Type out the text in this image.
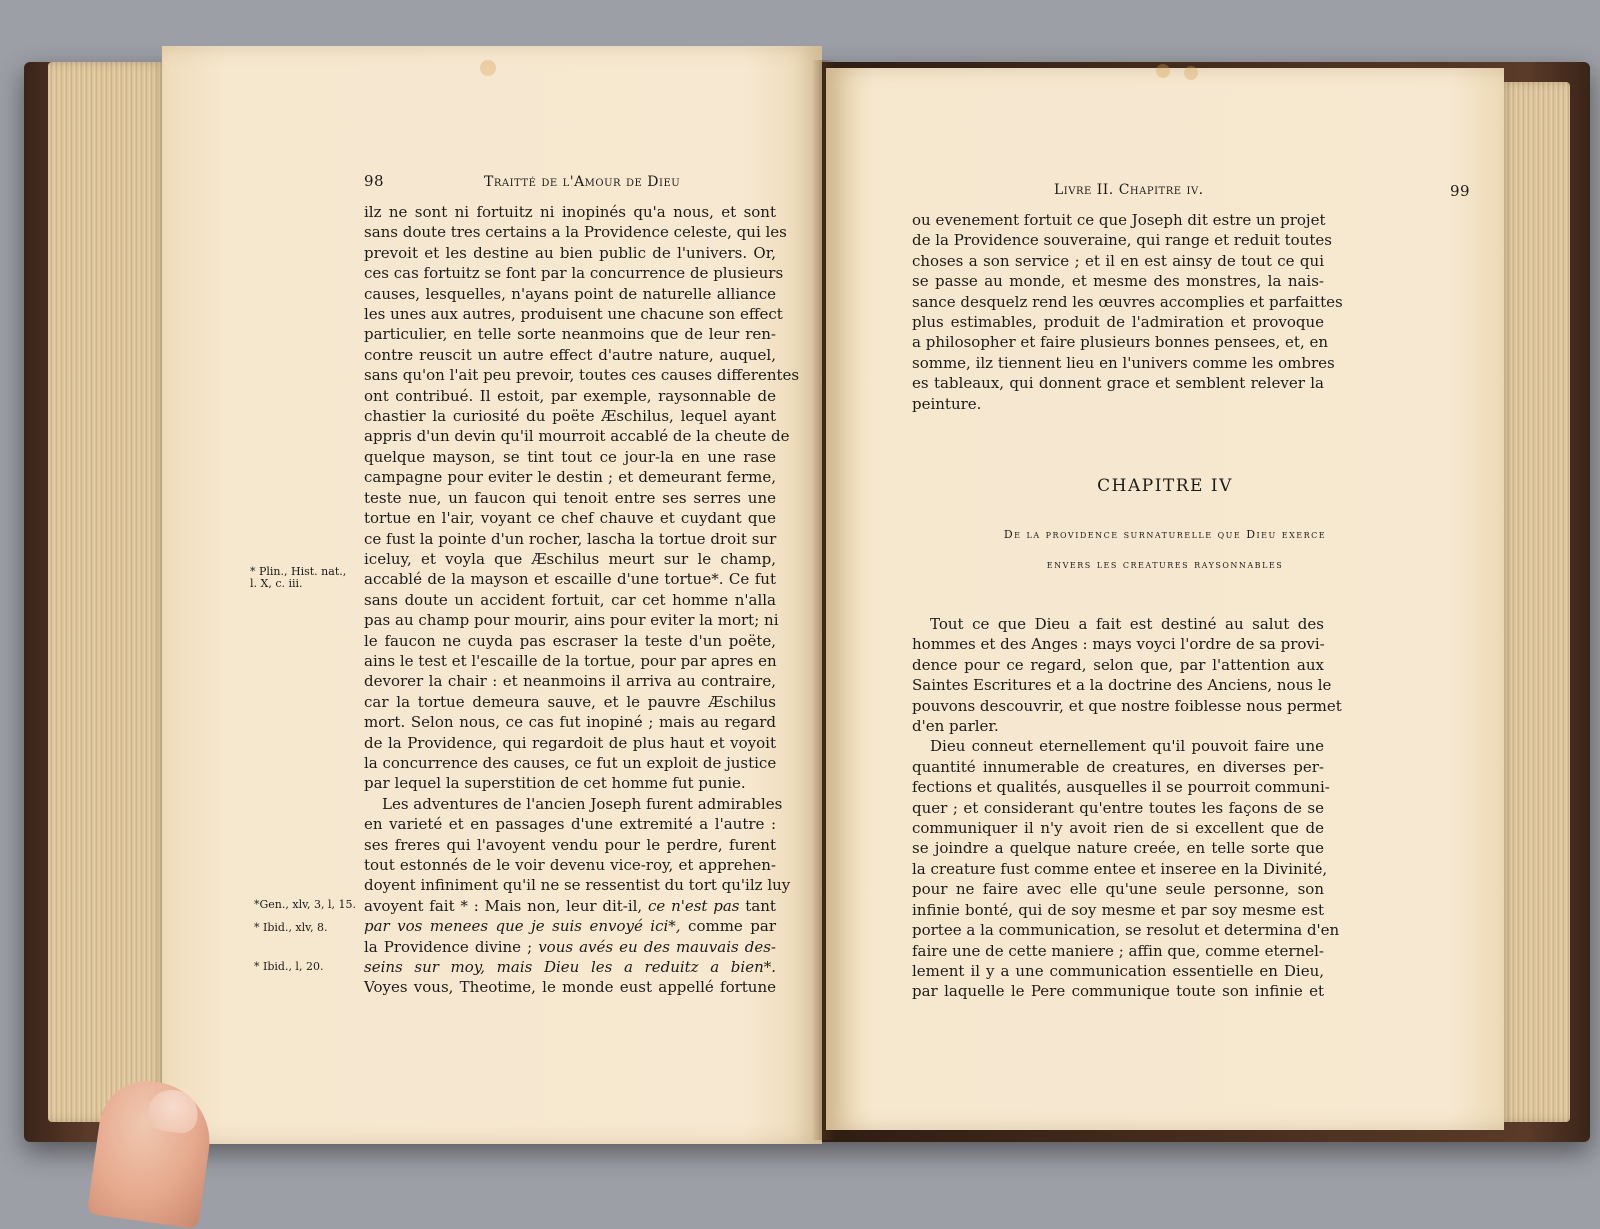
98	Traitté de l'Amour de Dieu
ilz ne sont ni fortuitz ni inopinés qu'a nous, et sont
sans doute tres certains a la Providence celeste, qui les
prevoit et les destine au bien public de l'univers. Or,
ces cas fortuitz se font par la concurrence de plusieurs
causes, lesquelles, n'ayans point de naturelle alliance
les unes aux autres, produisent une chacune son effect
particulier, en telle sorte neanmoins que de leur ren-
contre reuscit un autre effect d'autre nature, auquel,
sans qu'on l'ait peu prevoir, toutes ces causes differentes
ont contribué. Il estoit, par exemple, raysonnable de
chastier la curiosité du poëte Æschilus, lequel ayant
appris d'un devin qu'il mourroit accablé de la cheute de
quelque mayson, se tint tout ce jour-la en une rase
campagne pour eviter le destin ; et demeurant ferme,
teste nue, un faucon qui tenoit entre ses serres une
tortue en l'air, voyant ce chef chauve et cuydant que
ce fust la pointe d'un rocher, lascha la tortue droit sur
iceluy, et voyla que Æschilus meurt sur le champ,
accablé de la mayson et escaille d'une tortue*. Ce fut
sans doute un accident fortuit, car cet homme n'alla
pas au champ pour mourir, ains pour eviter la mort; ni
le faucon ne cuyda pas escraser la teste d'un poëte,
ains le test et l'escaille de la tortue, pour par apres en
devorer la chair : et neanmoins il arriva au contraire,
car la tortue demeura sauve, et le pauvre Æschilus
mort. Selon nous, ce cas fut inopiné ; mais au regard
de la Providence, qui regardoit de plus haut et voyoit
la concurrence des causes, ce fut un exploit de justice
par lequel la superstition de cet homme fut punie.
Les adventures de l'ancien Joseph furent admirables
en varieté et en passages d'une extremité a l'autre :
ses freres qui l'avoyent vendu pour le perdre, furent
tout estonnés de le voir devenu vice-roy, et apprehen-
doyent infiniment qu'il ne se ressentist du tort qu'ilz luy
avoyent fait * : Mais non, leur dit-il, ce n'est pas tant
par vos menees que je suis envoyé ici*, comme par
la Providence divine ; vous avés eu des mauvais des-
seins sur moy, mais Dieu les a reduitz a bien*.
Voyes vous, Theotime, le monde eust appellé fortune
* Plin., Hist. nat.,
l. X, c. iii.
*Gen., xlv, 3, l, 15.
* Ibid., xlv, 8.
* Ibid., l, 20.
Livre II. Chapitre iv.	99
ou evenement fortuit ce que Joseph dit estre un projet
de la Providence souveraine, qui range et reduit toutes
choses a son service ; et il en est ainsy de tout ce qui
se passe au monde, et mesme des monstres, la nais-
sance desquelz rend les œuvres accomplies et parfaittes
plus estimables, produit de l'admiration et provoque
a philosopher et faire plusieurs bonnes pensees, et, en
somme, ilz tiennent lieu en l'univers comme les ombres
es tableaux, qui donnent grace et semblent relever la
peinture.
CHAPITRE IV
De la providence surnaturelle que Dieu exerce
envers les creatures raysonnables
Tout ce que Dieu a fait est destiné au salut des
hommes et des Anges : mays voyci l'ordre de sa provi-
dence pour ce regard, selon que, par l'attention aux
Saintes Escritures et a la doctrine des Anciens, nous le
pouvons descouvrir, et que nostre foiblesse nous permet
d'en parler.
Dieu conneut eternellement qu'il pouvoit faire une
quantité innumerable de creatures, en diverses per-
fections et qualités, ausquelles il se pourroit communi-
quer ; et considerant qu'entre toutes les façons de se
communiquer il n'y avoit rien de si excellent que de
se joindre a quelque nature creée, en telle sorte que
la creature fust comme entee et inseree en la Divinité,
pour ne faire avec elle qu'une seule personne, son
infinie bonté, qui de soy mesme et par soy mesme est
portee a la communication, se resolut et determina d'en
faire une de cette maniere ; affin que, comme eternel-
lement il y a une communication essentielle en Dieu,
par laquelle le Pere communique toute son infinie et
